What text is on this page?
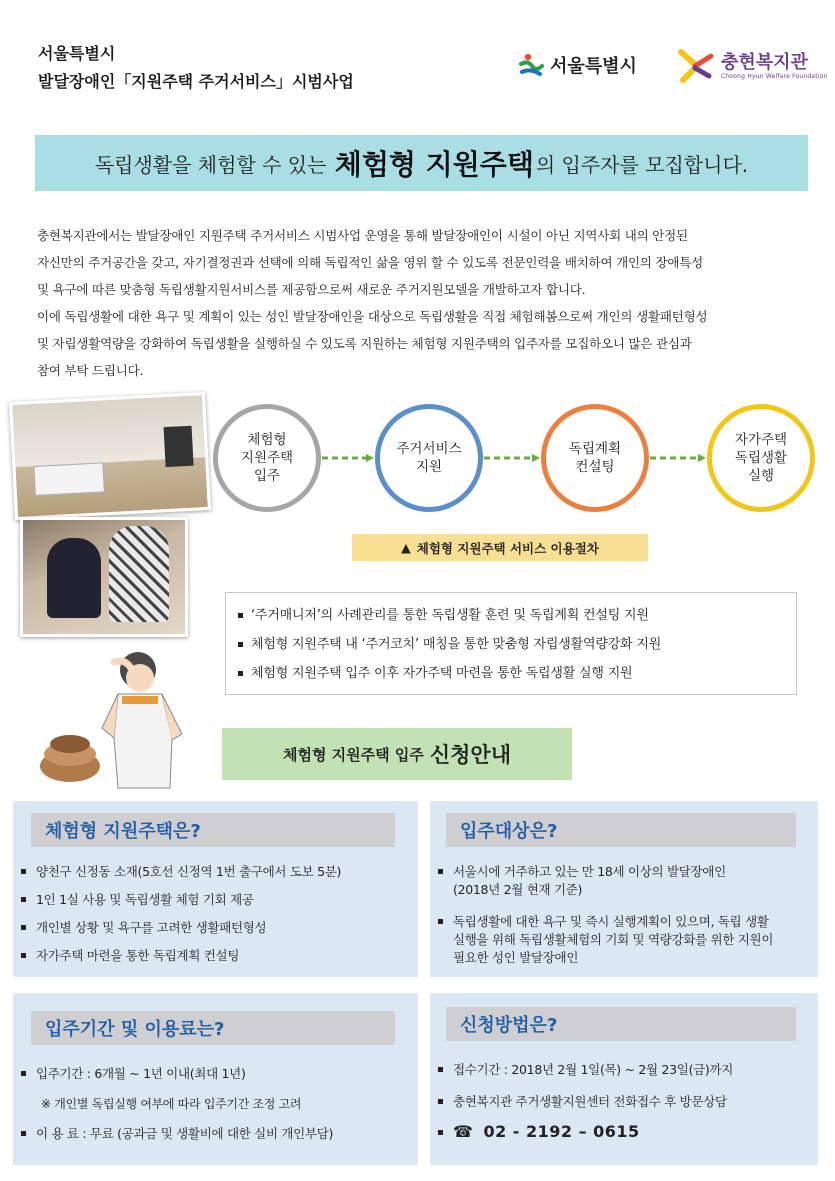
서울특별시
발달장애인「지원주택 주거서비스」시범사업
서울특별시	충현복지관
Choong Hyun Welfare Foundation
독립생활을 체험할 수 있는
체험형 지원주택 의 입주자를 모집합니다.
충현복지관에서는 발달장애인 지원주택 주거서비스 시범사업 운영을 통해 발달장애인이 시설이 아닌 지역사회 내의 안정된
자신만의 주거공간을 갖고, 자기결정권과 선택에 의해 독립적인 삶을 영위 할 수 있도록 전문인력을 배치하여 개인의 장애특성
및 욕구에 따른 맞춤형 독립생활지원서비스를 제공함으로써 새로운 주거지원모델을 개발하고자 합니다.
이에 독립생활에 대한 욕구 및 계획이 있는 성인 발달장애인을 대상으로 독립생활을 직접 체험해봄으로써 개인의 생활패턴형성
및 자립생활역량을 강화하여 독립생활을 실행하실 수 있도록 지원하는 체험형 지원주택의 입주자를 모집하오니 많은 관심과
참여 부탁 드립니다.
체험형
지원주택
입주
주거서비스
지원
독립계획
컨설팅
자가주택
독립생활
실행
▲ 체험형 지원주택 서비스 이용절차
‘주거매니저’의 사례관리를 통한 독립생활 훈련 및 독립계획 컨설팅 지원
체험형 지원주택 내 ‘주거코치’ 매칭을 통한 맞춤형 자립생활역량강화 지원
체험형 지원주택 입주 이후 자가주택 마련을 통한 독립생활 실행 지원
체험형 지원주택 입주 신청안내
체험형 지원주택은?
양천구 신정동 소재(5호선 신정역 1번 출구에서 도보 5분)
1인 1실 사용 및 독립생활 체험 기회 제공
개인별 상황 및 욕구를 고려한 생활패턴형성
자가주택 마련을 통한 독립계획 컨설팅
입주대상은?
서울시에 거주하고 있는 만 18세 이상의 발달장애인
(2018년 2월 현재 기준)
독립생활에 대한 욕구 및 즉시 실행계획이 있으며, 독립 생활
실행을 위해 독립생활체험의 기회 및 역량강화를 위한 지원이
필요한 성인 발달장애인
입주기간 및 이용료는?
입주기간 : 6개월 ~ 1년 이내(최대 1년)
※ 개인별 독립실행 여부에 따라 입주기간 조정 고려
이 용 료 : 무료 (공과금 및 생활비에 대한 실비 개인부담)
신청방법은?
접수기간 : 2018년 2월 1일(목) ~ 2월 23일(금)까지
충현복지관 주거생활지원센터 전화접수 후 방문상담
☎ 02 - 2192 – 0615
